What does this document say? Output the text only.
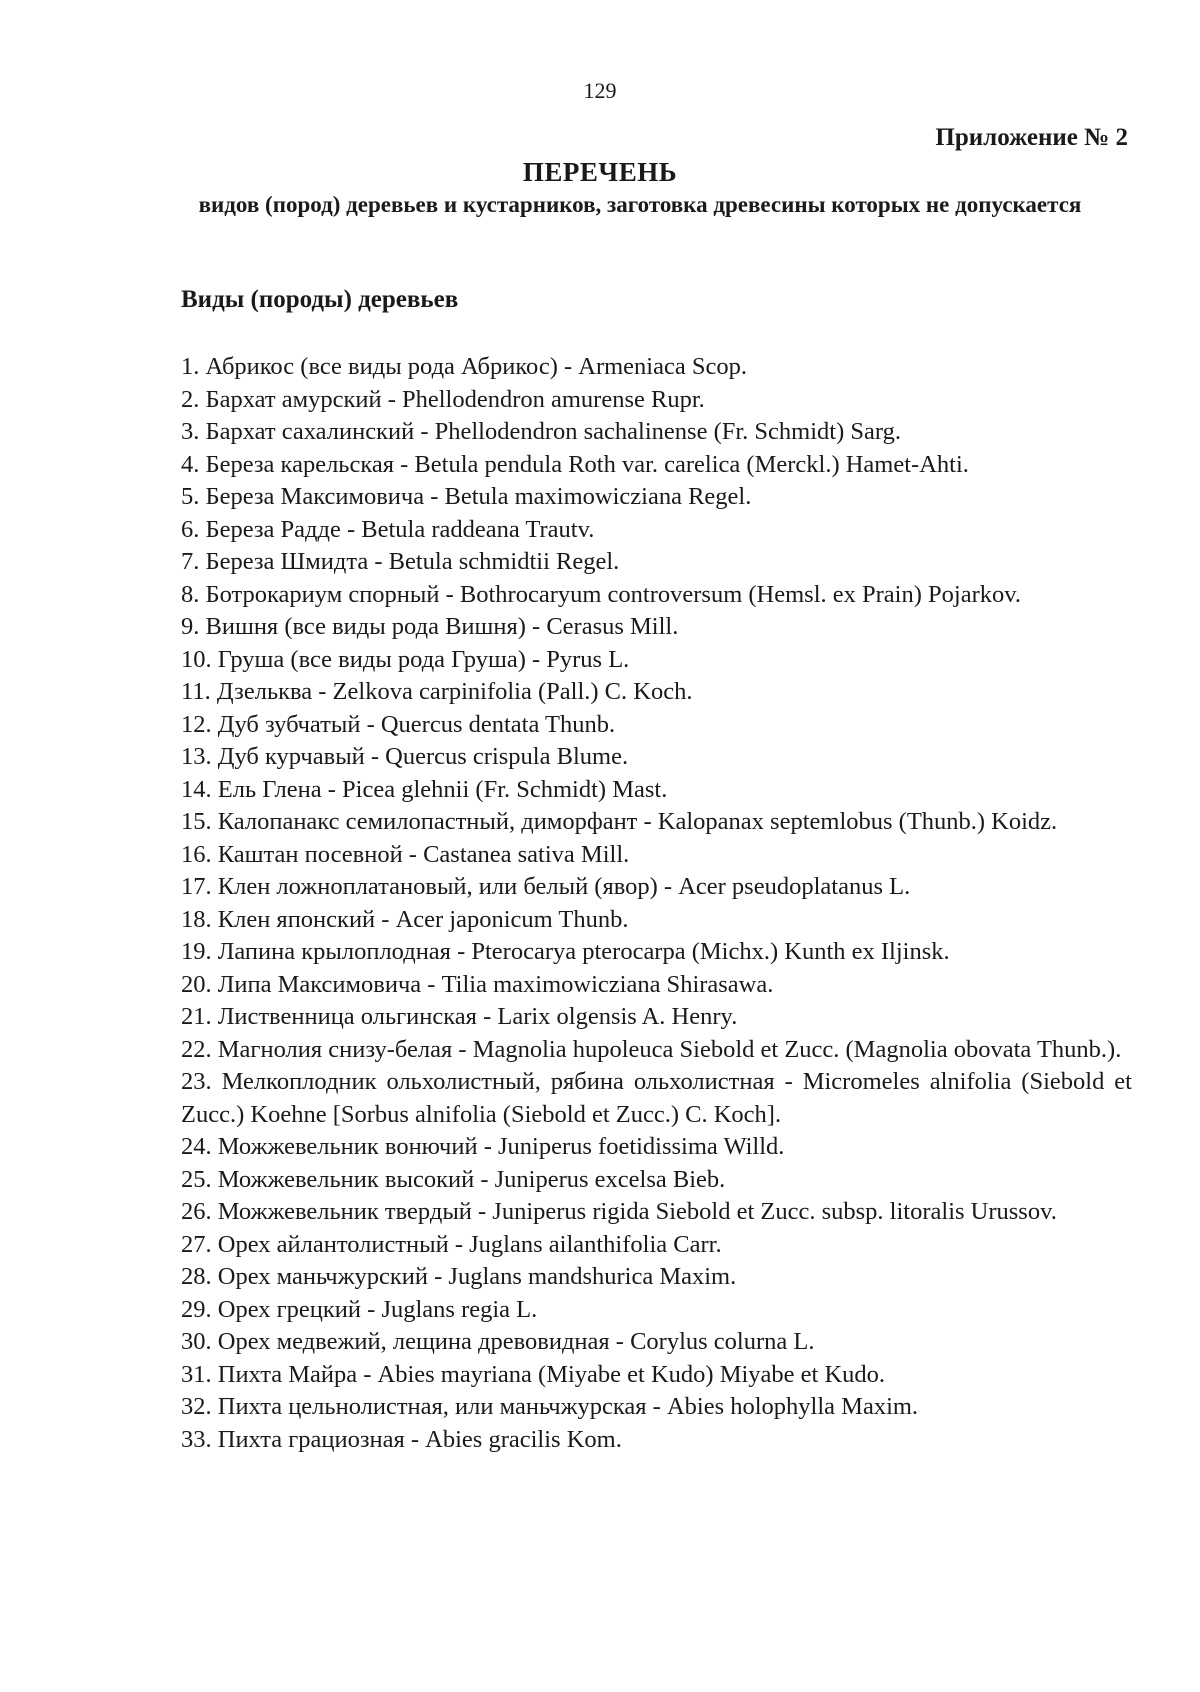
129
Приложение № 2
ПЕРЕЧЕНЬ
видов (пород) деревьев и кустарников, заготовка древесины которых не допускается
Виды (породы) деревьев
1. Абрикос (все виды рода Абрикос) - Armeniaca Scop.
2. Бархат амурский - Phellodendron amurense Rupr.
3. Бархат сахалинский - Phellodendron sachalinense (Fr. Schmidt) Sarg.
4. Береза карельская - Betula pendula Roth var. carelica (Merckl.) Hamet-Ahti.
5. Береза Максимовича - Betula maximowicziana Regel.
6. Береза Радде - Betula raddeana Trautv.
7. Береза Шмидта - Betula schmidtii Regel.
8. Ботрокариум спорный - Bothrocaryum controversum (Hemsl. ex Prain) Pojarkov.
9. Вишня (все виды рода Вишня) - Cerasus Mill.
10. Груша (все виды рода Груша) - Pyrus L.
11. Дзельква - Zelkova carpinifolia (Pall.) C. Koch.
12. Дуб зубчатый - Quercus dentata Thunb.
13. Дуб курчавый - Quercus crispula Blume.
14. Ель Глена - Picea glehnii (Fr. Schmidt) Mast.
15. Калопанакс семилопастный, диморфант - Kalopanax septemlobus (Thunb.) Koidz.
16. Каштан посевной - Castanea sativa Mill.
17. Клен ложноплатановый, или белый (явор) - Acer pseudoplatanus L.
18. Клен японский - Acer japonicum Thunb.
19. Лапина крылоплодная - Pterocarya pterocarpa (Michx.) Kunth ex Iljinsk.
20. Липа Максимовича - Tilia maximowicziana Shirasawa.
21. Лиственница ольгинская - Larix olgensis A. Henry.
22. Магнолия снизу-белая - Magnolia hupoleuca Siebold et Zucc. (Magnolia obovata Thunb.).
23. Мелкоплодник ольхолистный, рябина ольхолистная - Micromeles alnifolia (Siebold et Zucc.) Koehne [Sorbus alnifolia (Siebold et Zucc.) C. Koch].
24. Можжевельник вонючий - Juniperus foetidissima Willd.
25. Можжевельник высокий - Juniperus excelsa Bieb.
26. Можжевельник твердый - Juniperus rigida Siebold et Zucc. subsp. litoralis Urussov.
27. Орех айлантолистный - Juglans ailanthifolia Carr.
28. Орех маньчжурский - Juglans mandshurica Maxim.
29. Орех грецкий - Juglans regia L.
30. Орех медвежий, лещина древовидная - Corylus colurna L.
31. Пихта Майра - Abies mayriana (Miyabe et Kudo) Miyabe et Kudo.
32. Пихта цельнолистная, или маньчжурская - Abies holophylla Maxim.
33. Пихта грациозная - Abies gracilis Kom.
